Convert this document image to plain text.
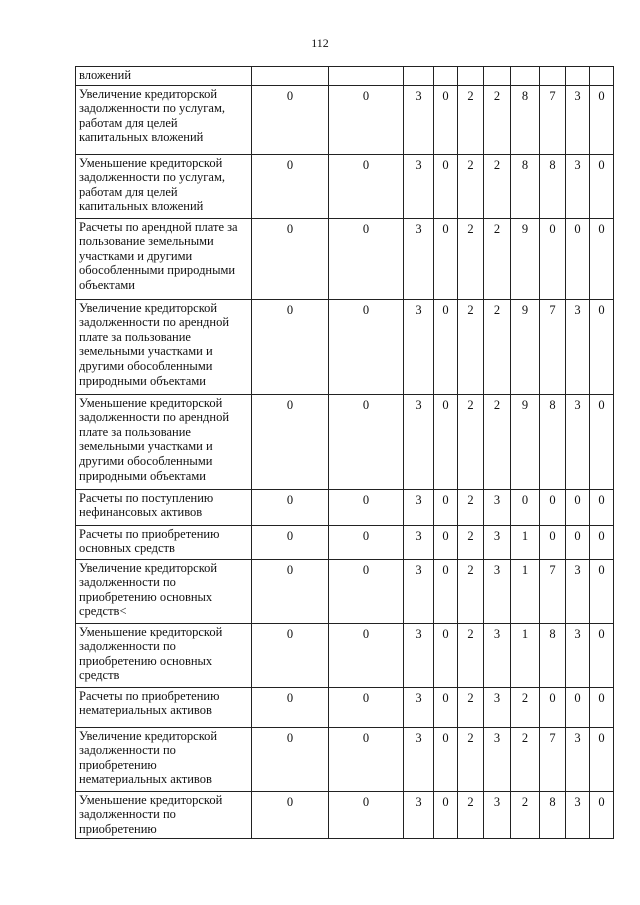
112
вложений										
Увеличение кредиторской задолженности по услугам, работам для целей капитальных вложений	0	0	3	0	2	2	8	7	3	0
Уменьшение кредиторской задолженности по услугам, работам для целей капитальных вложений	0	0	3	0	2	2	8	8	3	0
Расчеты по арендной плате за пользование земельными участками и другими обособленными природными объектами	0	0	3	0	2	2	9	0	0	0
Увеличение кредиторской задолженности по арендной плате за пользование земельными участками и другими обособленными природными объектами	0	0	3	0	2	2	9	7	3	0
Уменьшение кредиторской задолженности по арендной плате за пользование земельными участками и другими обособленными природными объектами	0	0	3	0	2	2	9	8	3	0
Расчеты по поступлению нефинансовых активов	0	0	3	0	2	3	0	0	0	0
Расчеты по приобретению основных средств	0	0	3	0	2	3	1	0	0	0
Увеличение кредиторской задолженности по приобретению основных средств<	0	0	3	0	2	3	1	7	3	0
Уменьшение кредиторской задолженности по приобретению основных средств	0	0	3	0	2	3	1	8	3	0
Расчеты по приобретению нематериальных активов	0	0	3	0	2	3	2	0	0	0
Увеличение кредиторской задолженности по приобретению нематериальных активов	0	0	3	0	2	3	2	7	3	0
Уменьшение кредиторской задолженности по приобретению	0	0	3	0	2	3	2	8	3	0
